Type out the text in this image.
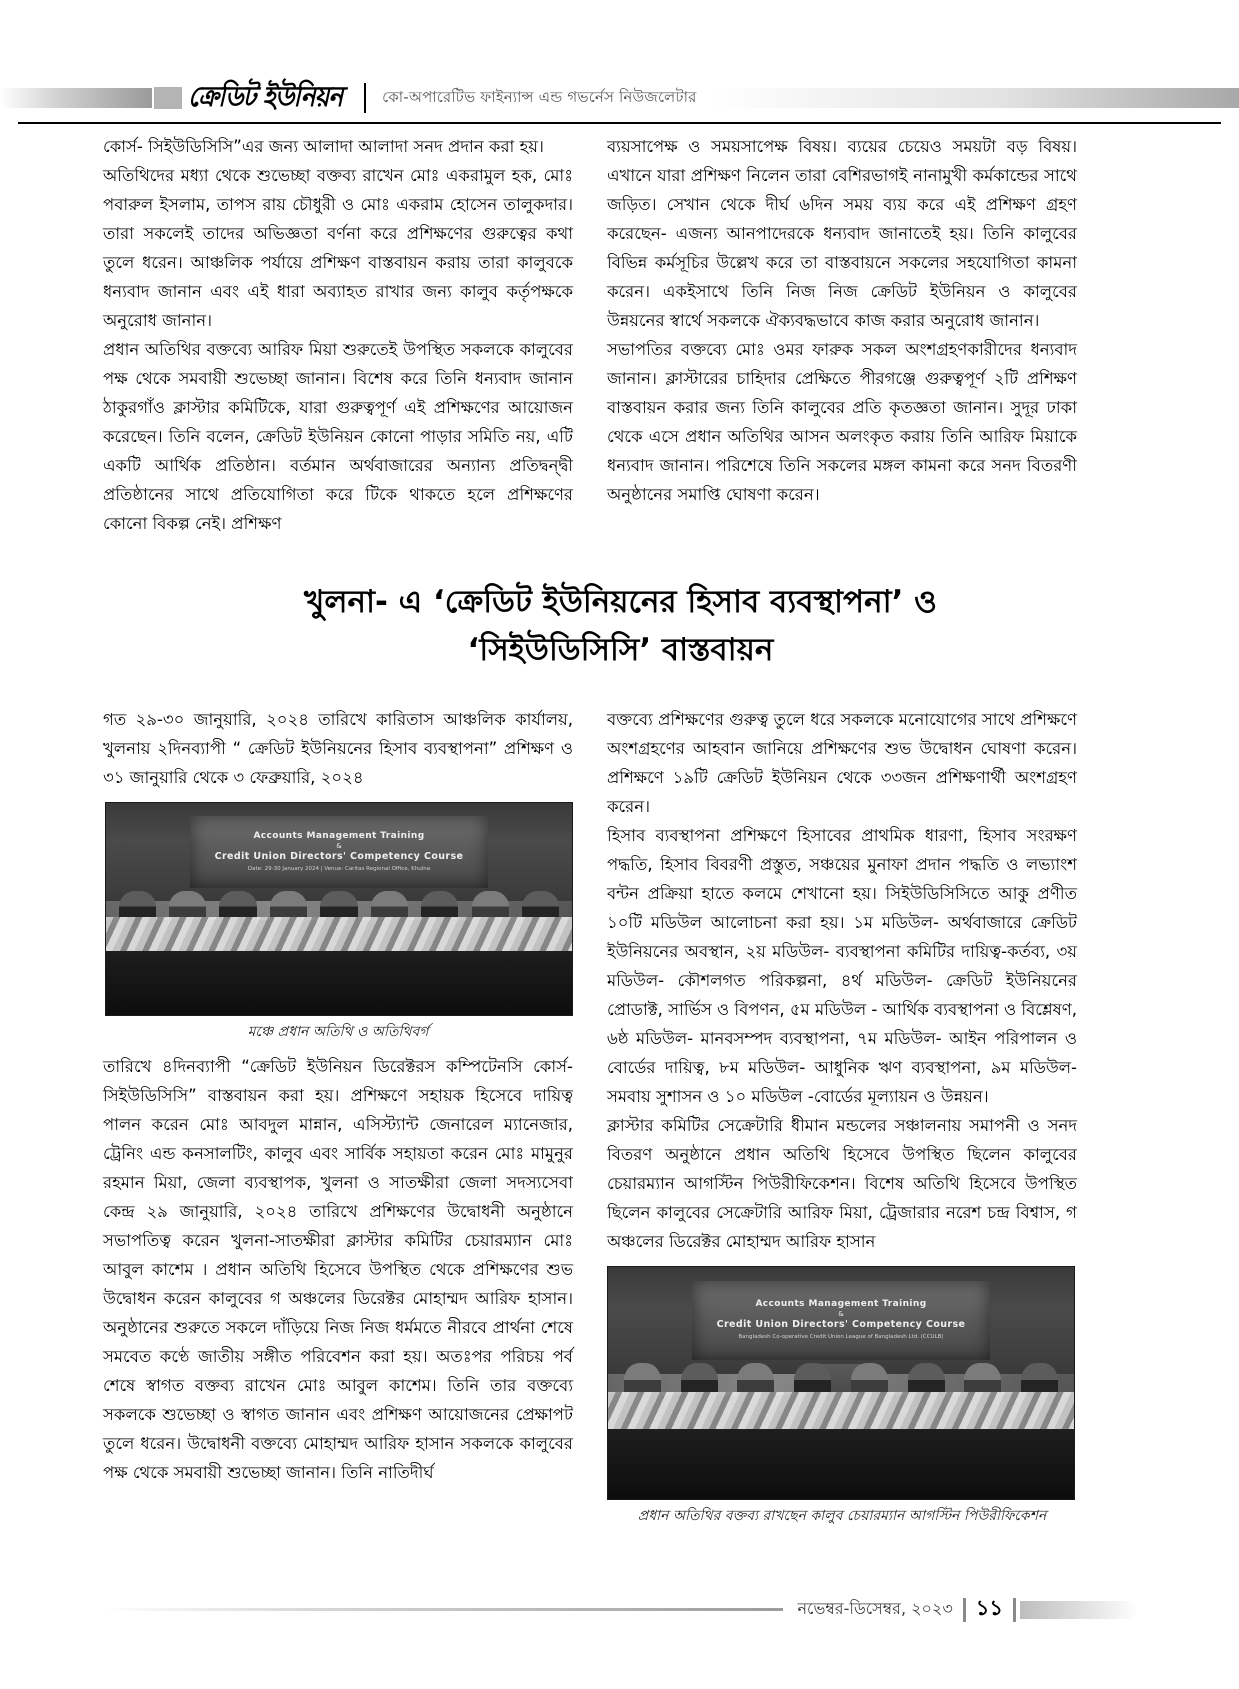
ক্রেডিট ইউনিয়ন	কো-অপারেটিভ ফাইন্যান্স এন্ড গভর্নেস নিউজলেটার

কোর্স- সিইউডিসিসি”এর জন্য আলাদা আলাদা সনদ প্রদান করা হয়।

অতিথিদের মধ্যা থেকে শুভেচ্ছা বক্তব্য রাখেন মোঃ একরামুল হক, মোঃ পবারুল ইসলাম, তাপস রায় চৌধুরী ও মোঃ একরাম হোসেন তালুকদার। তারা সকলেই তাদের অভিজ্ঞতা বর্ণনা করে প্রশিক্ষণের গুরুত্বের কথা তুলে ধরেন। আঞ্চলিক পর্যায়ে প্রশিক্ষণ বাস্তবায়ন করায় তারা কালুবকে ধন্যবাদ জানান এবং এই ধারা অব্যাহত রাখার জন্য কালুব কর্তৃপক্ষকে অনুরোধ জানান।

প্রধান অতিথির বক্তব্যে আরিফ মিয়া শুরুতেই উপস্থিত সকলকে কালুবের পক্ষ থেকে সমবায়ী শুভেচ্ছা জানান। বিশেষ করে তিনি ধন্যবাদ জানান ঠাকুরগাঁও ক্লাস্টার কমিটিকে, যারা গুরুত্বপূর্ণ এই প্রশিক্ষণের আয়োজন করেছেন। তিনি বলেন, ক্রেডিট ইউনিয়ন কোনো পাড়ার সমিতি নয়, এটি একটি আর্থিক প্রতিষ্ঠান। বর্তমান অর্থবাজারের অন্যান্য প্রতিদ্বন্দ্বী প্রতিষ্ঠানের সাথে প্রতিযোগিতা করে টিকে থাকতে হলে প্রশিক্ষণের কোনো বিকল্প নেই। প্রশিক্ষণ

ব্যয়সাপেক্ষ ও সময়সাপেক্ষ বিষয়। ব্যয়ের চেয়েও সময়টা বড় বিষয়। এখানে যারা প্রশিক্ষণ নিলেন তারা বেশিরভাগই নানামুখী কর্মকান্ডের সাথে জড়িত। সেখান থেকে দীর্ঘ ৬দিন সময় ব্যয় করে এই প্রশিক্ষণ গ্রহণ করেছেন- এজন্য আনপাদেরকে ধন্যবাদ জানাতেই হয়। তিনি কালুবের বিভিন্ন কর্মসূচির উল্লেখ করে তা বাস্তবায়নে সকলের সহযোগিতা কামনা করেন। একইসাথে তিনি নিজ নিজ ক্রেডিট ইউনিয়ন ও কালুবের উন্নয়নের স্বার্থে সকলকে ঐক্যবদ্ধভাবে কাজ করার অনুরোধ জানান।

সভাপতির বক্তব্যে মোঃ ওমর ফারুক সকল অংশগ্রহণকারীদের ধন্যবাদ জানান। ক্লাস্টারের চাহিদার প্রেক্ষিতে পীরগঞ্জে গুরুত্বপূর্ণ ২টি প্রশিক্ষণ বাস্তবায়ন করার জন্য তিনি কালুবের প্রতি কৃতজ্ঞতা জানান। সুদূর ঢাকা থেকে এসে প্রধান অতিথির আসন অলংকৃত করায় তিনি আরিফ মিয়াকে ধন্যবাদ জানান। পরিশেষে তিনি সকলের মঙ্গল কামনা করে সনদ বিতরণী অনুষ্ঠানের সমাপ্তি ঘোষণা করেন।

খুলনা- এ ‘ক্রেডিট ইউনিয়নের হিসাব ব্যবস্থাপনা’ ও
‘সিইউডিসিসি’ বাস্তবায়ন

গত ২৯-৩০ জানুয়ারি, ২০২৪ তারিখে কারিতাস আঞ্চলিক কার্যালয়, খুলনায় ২দিনব্যাপী “ ক্রেডিট ইউনিয়নের হিসাব ব্যবস্থাপনা” প্রশিক্ষণ ও ৩১ জানুয়ারি থেকে ৩ ফেব্রুয়ারি, ২০২৪

Accounts Management Training
&
Credit Union Directors' Competency Course
Date: 29-30 January 2024 | Venue: Caritas Regional Office, Khulna
মঞ্চে প্রধান অতিথি ও অতিথিবর্গ

তারিখে ৪দিনব্যাপী “ক্রেডিট ইউনিয়ন ডিরেক্টরস কম্পিটেনসি কোর্স-সিইউডিসিসি” বাস্তবায়ন করা হয়। প্রশিক্ষণে সহায়ক হিসেবে দায়িত্ব পালন করেন মোঃ আবদুল মান্নান, এসিস্ট্যান্ট জেনারেল ম্যানেজার, ট্রেনিং এন্ড কনসালটিং, কালুব এবং সার্বিক সহায়তা করেন মোঃ মামুনুর রহমান মিয়া, জেলা ব্যবস্থাপক, খুলনা ও সাতক্ষীরা জেলা সদস্যসেবা কেন্দ্র ২৯ জানুয়ারি, ২০২৪ তারিখে প্রশিক্ষণের উদ্বোধনী অনুষ্ঠানে সভাপতিত্ব করেন খুলনা-সাতক্ষীরা ক্লাস্টার কমিটির চেয়ারম্যান মোঃ আবুল কাশেম । প্রধান অতিথি হিসেবে উপস্থিত থেকে প্রশিক্ষণের শুভ উদ্বোধন করেন কালুবের গ অঞ্চলের ডিরেক্টর মোহাম্মদ আরিফ হাসান। অনুষ্ঠানের শুরুতে সকলে দাঁড়িয়ে নিজ নিজ ধর্মমতে নীরবে প্রার্থনা শেষে সমবেত কণ্ঠে জাতীয় সঙ্গীত পরিবেশন করা হয়। অতঃপর পরিচয় পর্ব শেষে স্বাগত বক্তব্য রাখেন মোঃ আবুল কাশেম। তিনি তার বক্তব্যে সকলকে শুভেচ্ছা ও স্বাগত জানান এবং প্রশিক্ষণ আয়োজনের প্রেক্ষাপট তুলে ধরেন। উদ্বোধনী বক্তব্যে মোহাম্মদ আরিফ হাসান সকলকে কালুবের পক্ষ থেকে সমবায়ী শুভেচ্ছা জানান। তিনি নাতিদীর্ঘ

বক্তব্যে প্রশিক্ষণের গুরুত্ব তুলে ধরে সকলকে মনোযোগের সাথে প্রশিক্ষণে অংশগ্রহণের আহবান জানিয়ে প্রশিক্ষণের শুভ উদ্বোধন ঘোষণা করেন। প্রশিক্ষণে ১৯টি ক্রেডিট ইউনিয়ন থেকে ৩৩জন প্রশিক্ষণার্থী অংশগ্রহণ করেন।

হিসাব ব্যবস্থাপনা প্রশিক্ষণে হিসাবের প্রাথমিক ধারণা, হিসাব সংরক্ষণ পদ্ধতি, হিসাব বিবরণী প্রস্তুত, সঞ্চয়ের মুনাফা প্রদান পদ্ধতি ও লভ্যাংশ বন্টন প্রক্রিয়া হাতে কলমে শেখানো হয়। সিইউডিসিসিতে আকু প্রণীত ১০টি মডিউল আলোচনা করা হয়। ১ম মডিউল- অর্থবাজারে ক্রেডিট ইউনিয়নের অবস্থান, ২য় মডিউল- ব্যবস্থাপনা কমিটির দায়িত্ব-কর্তব্য, ৩য় মডিউল- কৌশলগত পরিকল্পনা, ৪র্থ মডিউল- ক্রেডিট ইউনিয়নের প্রোডাক্ট, সার্ভিস ও বিপণন, ৫ম মডিউল - আর্থিক ব্যবস্থাপনা ও বিশ্লেষণ, ৬ষ্ঠ মডিউল- মানবসম্পদ ব্যবস্থাপনা, ৭ম মডিউল- আইন পরিপালন ও বোর্ডের দায়িত্ব, ৮ম মডিউল- আধুনিক ঋণ ব্যবস্থাপনা, ৯ম মডিউল-সমবায় সুশাসন ও ১০ মডিউল -বোর্ডের মূল্যায়ন ও উন্নয়ন।

ক্লাস্টার কমিটির সেক্রেটারি ধীমান মন্ডলের সঞ্চালনায় সমাপনী ও সনদ বিতরণ অনুষ্ঠানে প্রধান অতিথি হিসেবে উপস্থিত ছিলেন কালুবের চেয়ারম্যান আগস্টিন পিউরীফিকেশন। বিশেষ অতিথি হিসেবে উপস্থিত ছিলেন কালুবের সেক্রেটারি আরিফ মিয়া, ট্রেজারার নরেশ চন্দ্র বিশ্বাস, গ অঞ্চলের ডিরেক্টর মোহাম্মদ আরিফ হাসান

Accounts Management Training
&
Credit Union Directors' Competency Course
Bangladesh Co-operative Credit Union League of Bangladesh Ltd. (CCULB)
প্রধান অতিথির বক্তব্য রাখছেন কালুব চেয়ারম্যান আগস্টিন পিউরীফিকেশন
নভেম্বর-ডিসেম্বর, ২০২৩ ১১
